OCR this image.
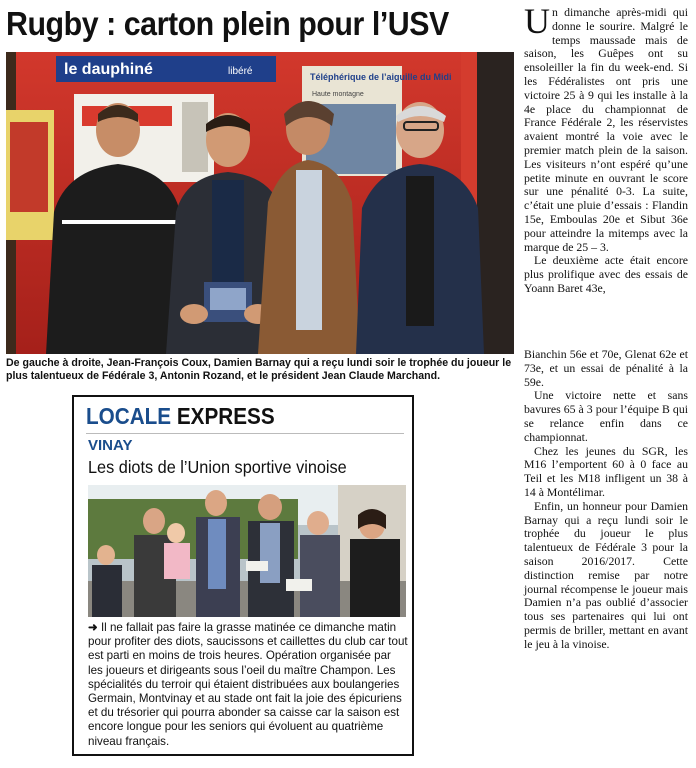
Rugby : carton plein pour l’USV
le dauphiné	libéré	Téléphérique de l’aiguille du Midi
Haute montagne

De gauche à droite, Jean-François Coux, Damien Barnay qui a reçu lundi soir le trophée du joueur le plus talentueux de Fédérale 3, Antonin Rozand, et le président Jean Claude Marchand.

LOCALE EXPRESS

VINAY

Les diots de l’Union sportive vinoise

➜ Il ne fallait pas faire la grasse matinée ce dimanche matin pour profiter des diots, saucissons et caillettes du club car tout est parti en moins de trois heures. Opération organisée par les joueurs et dirigeants sous l’oeil du maître Champon. Les spécialités du terroir qui étaient distribuées aux boulangeries Germain, Montvinay et au stade ont fait la joie des épicuriens et du trésorier qui pourra abonder sa caisse car la saison est encore longue pour les seniors qui évoluent au quatrième niveau français.

Un dimanche après-midi qui donne le sourire. Malgré le temps maussade mais de saison, les Guêpes ont su ensoleiller la fin du week-end. Si les Fédéralistes ont pris une victoire 25 à 9 qui les installe à la 4e place du championnat de France Fédérale 2, les réservistes avaient montré la voie avec le premier match plein de la saison. Les visiteurs n’ont espéré qu’une petite minute en ouvrant le score sur une pénalité 0-3. La suite, c’était une pluie d’essais : Flandin 15e, Emboulas 20e et Sibut 36e pour atteindre la mitemps avec la marque de 25 – 3.

Le deuxième acte était encore plus prolifique avec des essais de Yoann Baret 43e,

Bianchin 56e et 70e, Glenat 62e et 73e, et un essai de pénalité à la 59e.

Une victoire nette et sans bavures 65 à 3 pour l’équipe B qui se relance enfin dans ce championnat.

Chez les jeunes du SGR, les M16 l’emportent 60 à 0 face au Teil et les M18 infligent un 38 à 14 à Montélimar.

Enfin, un honneur pour Damien Barnay qui a reçu lundi soir le trophée du joueur le plus talentueux de Fédérale 3 pour la saison 2016/2017. Cette distinction remise par notre journal récompense le joueur mais Damien n’a pas oublié d’associer tous ses partenaires qui lui ont permis de briller, mettant en avant le jeu à la vinoise.
